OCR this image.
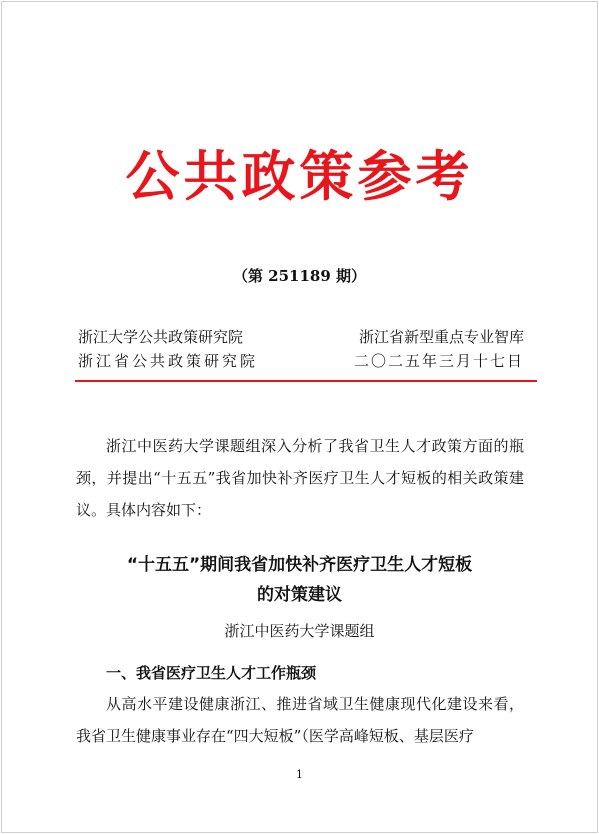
公共政策参考
（第 251189 期）
浙江大学公共政策研究院	浙江省新型重点专业智库
浙江省公共政策研究院	二〇二五年三月十七日
浙江中医药大学课题组深入分析了我省卫生人才政策方面的瓶颈，并提出“十五五”我省加快补齐医疗卫生人才短板的相关政策建议。具体内容如下：
“十五五”期间我省加快补齐医疗卫生人才短板
的对策建议
浙江中医药大学课题组
一、我省医疗卫生人才工作瓶颈
从高水平建设健康浙江、推进省域卫生健康现代化建设来看，我省卫生健康事业存在“四大短板”（医学高峰短板、基层医疗
1
